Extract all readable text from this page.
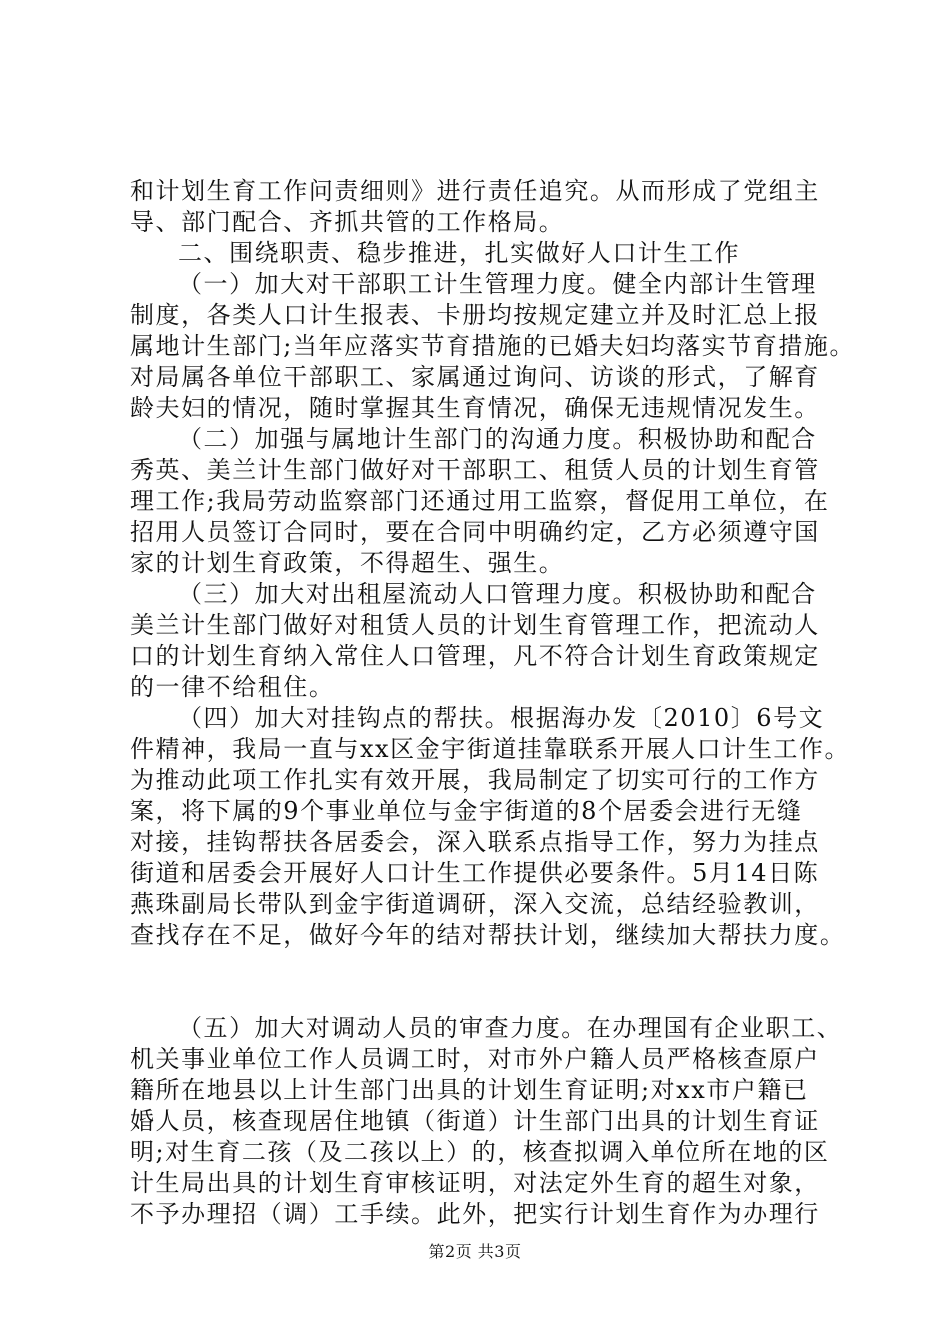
和计划生育工作问责细则》进行责任追究。从而形成了党组主
导、部门配合、齐抓共管的工作格局。
二、围绕职责、稳步推进，扎实做好人口计生工作
（一）加大对干部职工计生管理力度。健全内部计生管理
制度，各类人口计生报表、卡册均按规定建立并及时汇总上报
属地计生部门;当年应落实节育措施的已婚夫妇均落实节育措施。
对局属各单位干部职工、家属通过询问、访谈的形式，了解育
龄夫妇的情况，随时掌握其生育情况，确保无违规情况发生。
（二）加强与属地计生部门的沟通力度。积极协助和配合
秀英、美兰计生部门做好对干部职工、租赁人员的计划生育管
理工作;我局劳动监察部门还通过用工监察，督促用工单位，在
招用人员签订合同时，要在合同中明确约定，乙方必须遵守国
家的计划生育政策，不得超生、强生。
（三）加大对出租屋流动人口管理力度。积极协助和配合
美兰计生部门做好对租赁人员的计划生育管理工作，把流动人
口的计划生育纳入常住人口管理，凡不符合计划生育政策规定
的一律不给租住。
（四）加大对挂钩点的帮扶。根据海办发〔2010〕6号文
件精神，我局一直与xx区金宇街道挂靠联系开展人口计生工作。
为推动此项工作扎实有效开展，我局制定了切实可行的工作方
案，将下属的9个事业单位与金宇街道的8个居委会进行无缝
对接，挂钩帮扶各居委会，深入联系点指导工作，努力为挂点
街道和居委会开展好人口计生工作提供必要条件。5月14日陈
燕珠副局长带队到金宇街道调研，深入交流，总结经验教训，
查找存在不足，做好今年的结对帮扶计划，继续加大帮扶力度。
（五）加大对调动人员的审查力度。在办理国有企业职工、
机关事业单位工作人员调工时，对市外户籍人员严格核查原户
籍所在地县以上计生部门出具的计划生育证明;对xx市户籍已
婚人员，核查现居住地镇（街道）计生部门出具的计划生育证
明;对生育二孩（及二孩以上）的，核查拟调入单位所在地的区
计生局出具的计划生育审核证明，对法定外生育的超生对象，
不予办理招（调）工手续。此外，把实行计划生育作为办理行
第2页 共3页
